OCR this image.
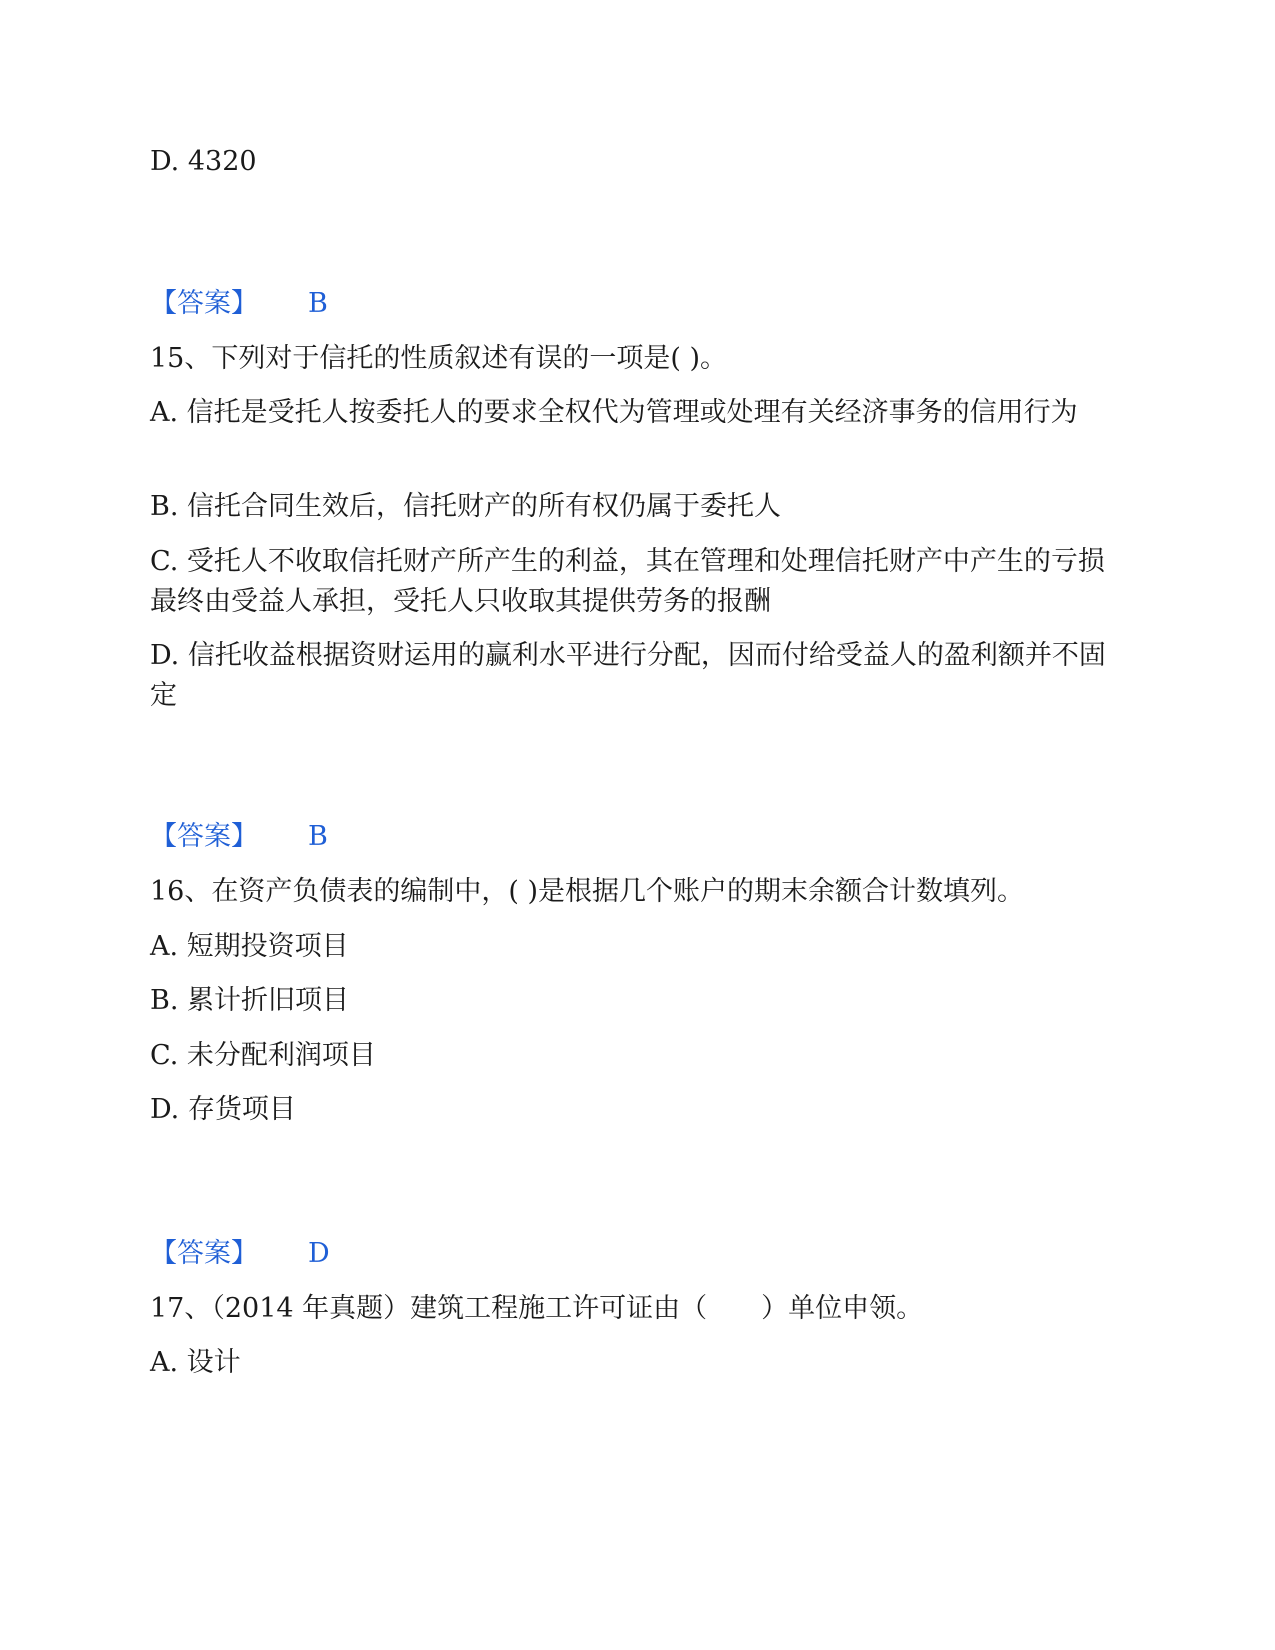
D. 4320
【答案】 B
15、下列对于信托的性质叙述有误的一项是( )。
A. 信托是受托人按委托人的要求全权代为管理或处理有关经济事务的信用行为
B. 信托合同生效后，信托财产的所有权仍属于委托人
C. 受托人不收取信托财产所产生的利益，其在管理和处理信托财产中产生的亏损最终由受益人承担，受托人只收取其提供劳务的报酬
D. 信托收益根据资财运用的赢利水平进行分配，因而付给受益人的盈利额并不固定
【答案】 B
16、在资产负债表的编制中，( )是根据几个账户的期末余额合计数填列。
A. 短期投资项目
B. 累计折旧项目
C. 未分配利润项目
D. 存货项目
【答案】 D
17、（2014 年真题）建筑工程施工许可证由（　　）单位申领。
A. 设计
